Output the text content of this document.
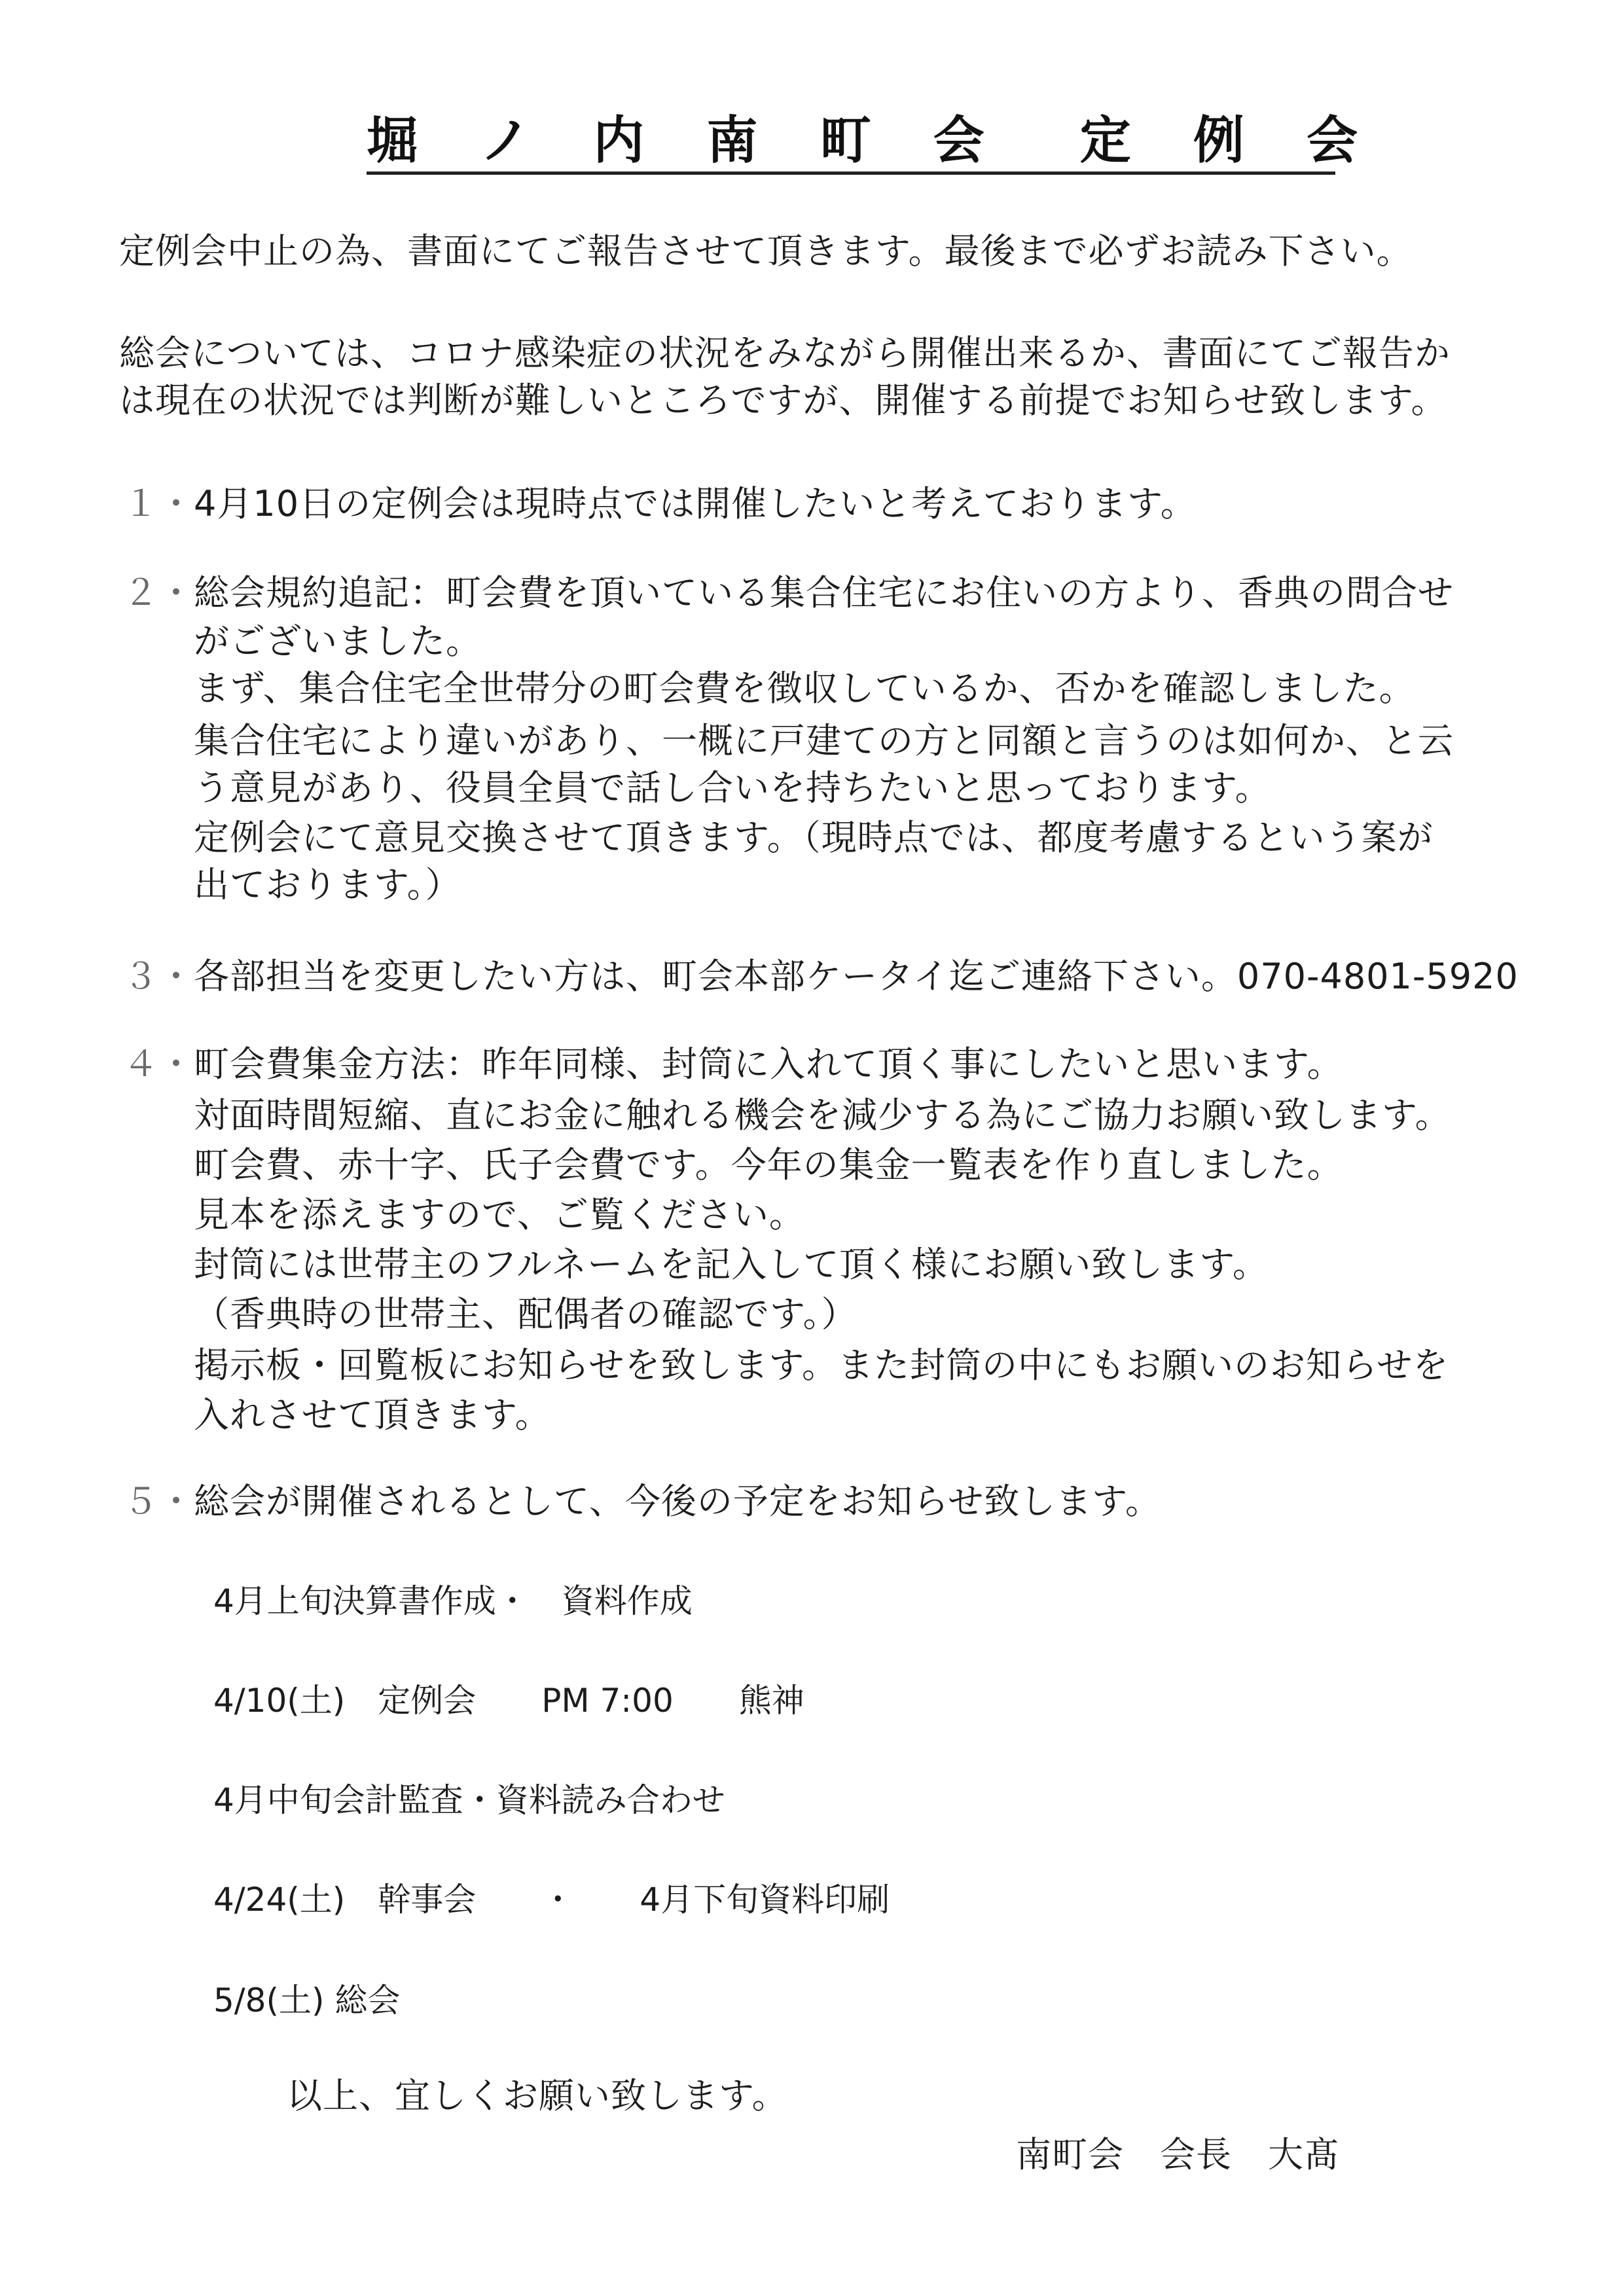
堀 ノ 内 南 町 会　定 例 会
定例会中止の為、書面にてご報告させて頂きます。最後まで必ずお読み下さい。
総会については、コロナ感染症の状況をみながら開催出来るか、書面にてご報告か
は現在の状況では判断が難しいところですが、開催する前提でお知らせ致します。
１・ 4月10日の定例会は現時点では開催したいと考えております。
２・ 総会規約追記：町会費を頂いている集合住宅にお住いの方より、香典の問合せ
がございました。
まず、集合住宅全世帯分の町会費を徴収しているか、否かを確認しました。
集合住宅により違いがあり、一概に戸建ての方と同額と言うのは如何か、と云
う意見があり、役員全員で話し合いを持ちたいと思っております。
定例会にて意見交換させて頂きます。（現時点では、都度考慮するという案が
出ております。）
３・ 各部担当を変更したい方は、町会本部ケータイ迄ご連絡下さい。070-4801-5920
４・ 町会費集金方法：昨年同様、封筒に入れて頂く事にしたいと思います。
対面時間短縮、直にお金に触れる機会を減少する為にご協力お願い致します。
町会費、赤十字、氏子会費です。今年の集金一覧表を作り直しました。
見本を添えますので、ご覧ください。
封筒には世帯主のフルネームを記入して頂く様にお願い致します。
（香典時の世帯主、配偶者の確認です。）
掲示板・回覧板にお知らせを致します。また封筒の中にもお願いのお知らせを
入れさせて頂きます。
５・ 総会が開催されるとして、今後の予定をお知らせ致します。
4月上旬決算書作成・　資料作成
4/10(土)　定例会　　PM 7:00　　熊神
4月中旬会計監査・資料読み合わせ
4/24(土)　幹事会　　・　　4月下旬資料印刷
5/8(土) 総会
以上、宜しくお願い致します。
南町会　会長　大髙
